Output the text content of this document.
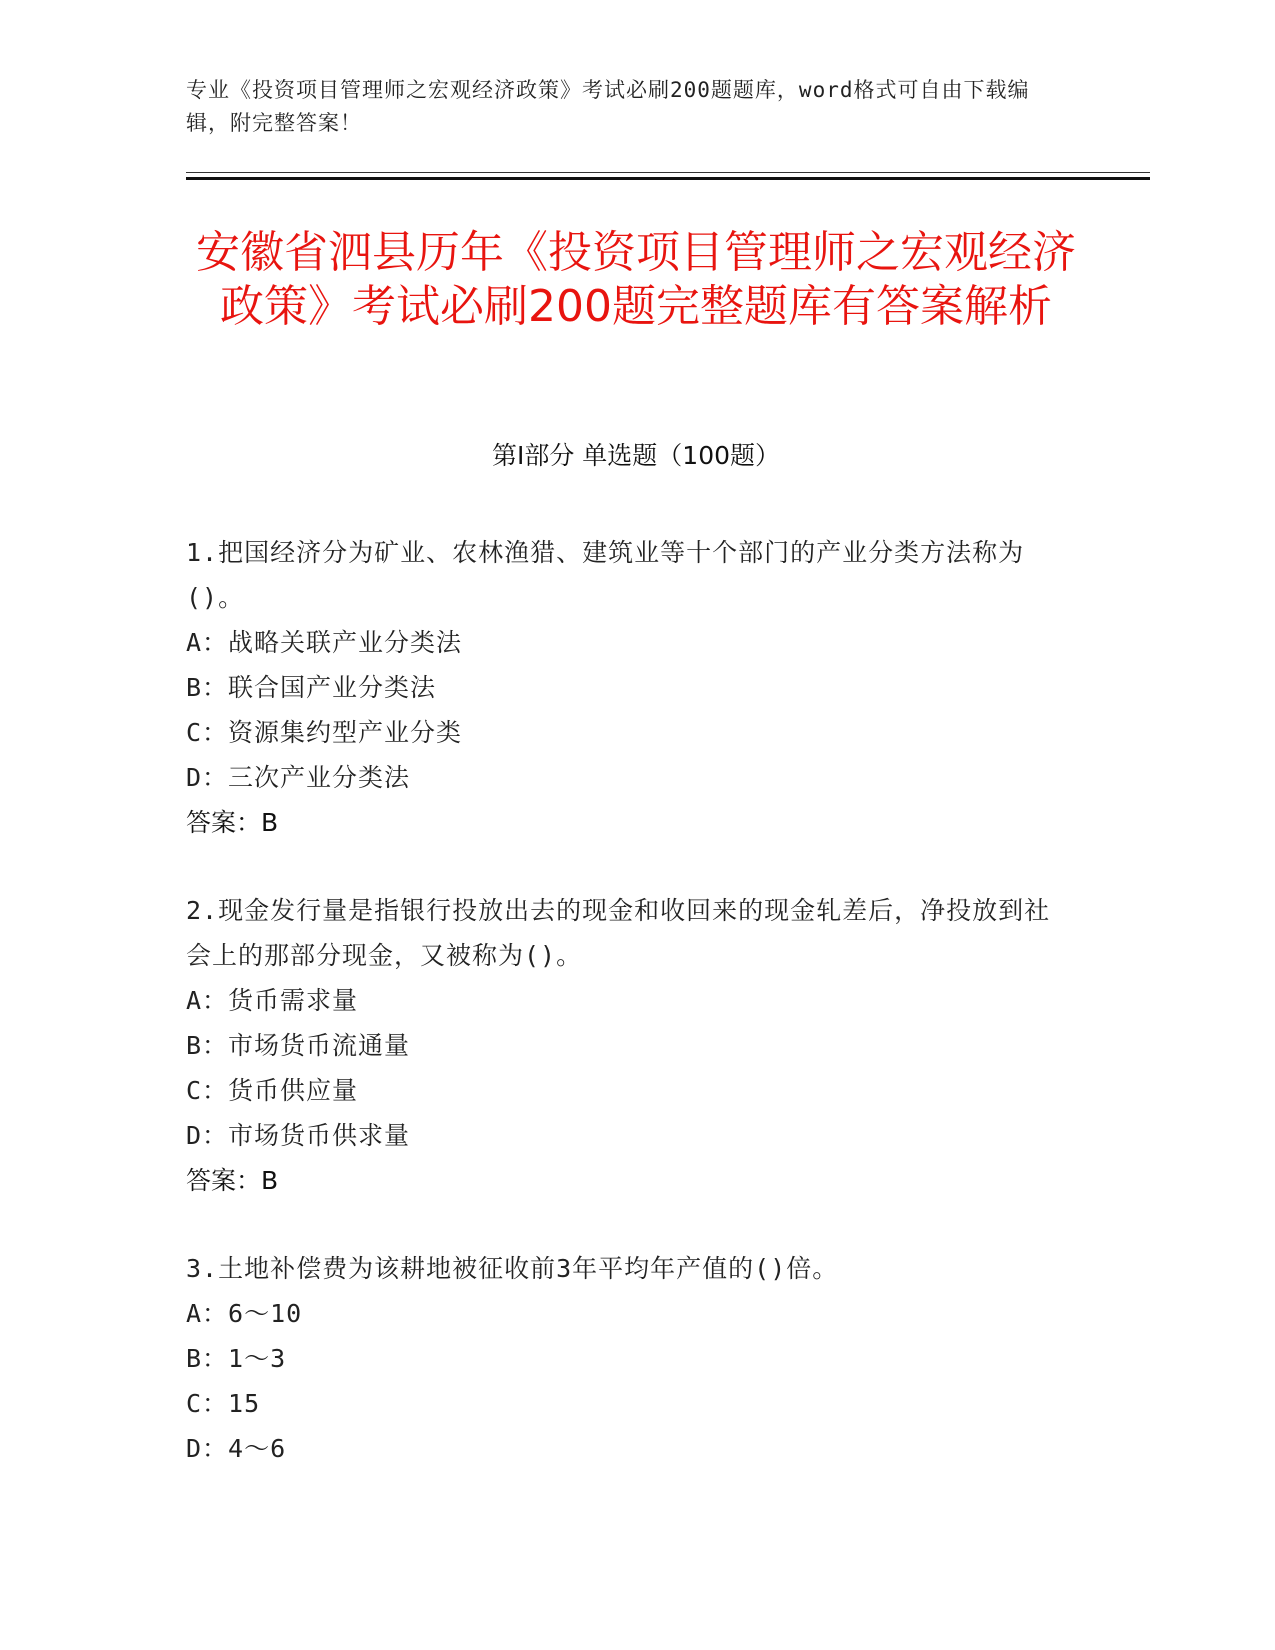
专业《投资项目管理师之宏观经济政策》考试必刷200题题库，word格式可自由下载编辑，附完整答案！
安徽省泗县历年《投资项目管理师之宏观经济政策》考试必刷200题完整题库有答案解析
第Ⅰ部分 单选题（100题）
1.把国经济分为矿业、农林渔猎、建筑业等十个部门的产业分类方法称为()。
A：战略关联产业分类法
B：联合国产业分类法
C：资源集约型产业分类
D：三次产业分类法
答案：B
2.现金发行量是指银行投放出去的现金和收回来的现金轧差后，净投放到社会上的那部分现金，又被称为()。
A：货币需求量
B：市场货币流通量
C：货币供应量
D：市场货币供求量
答案：B
3.土地补偿费为该耕地被征收前3年平均年产值的()倍。
A：6～10
B：1～3
C：15
D：4～6
